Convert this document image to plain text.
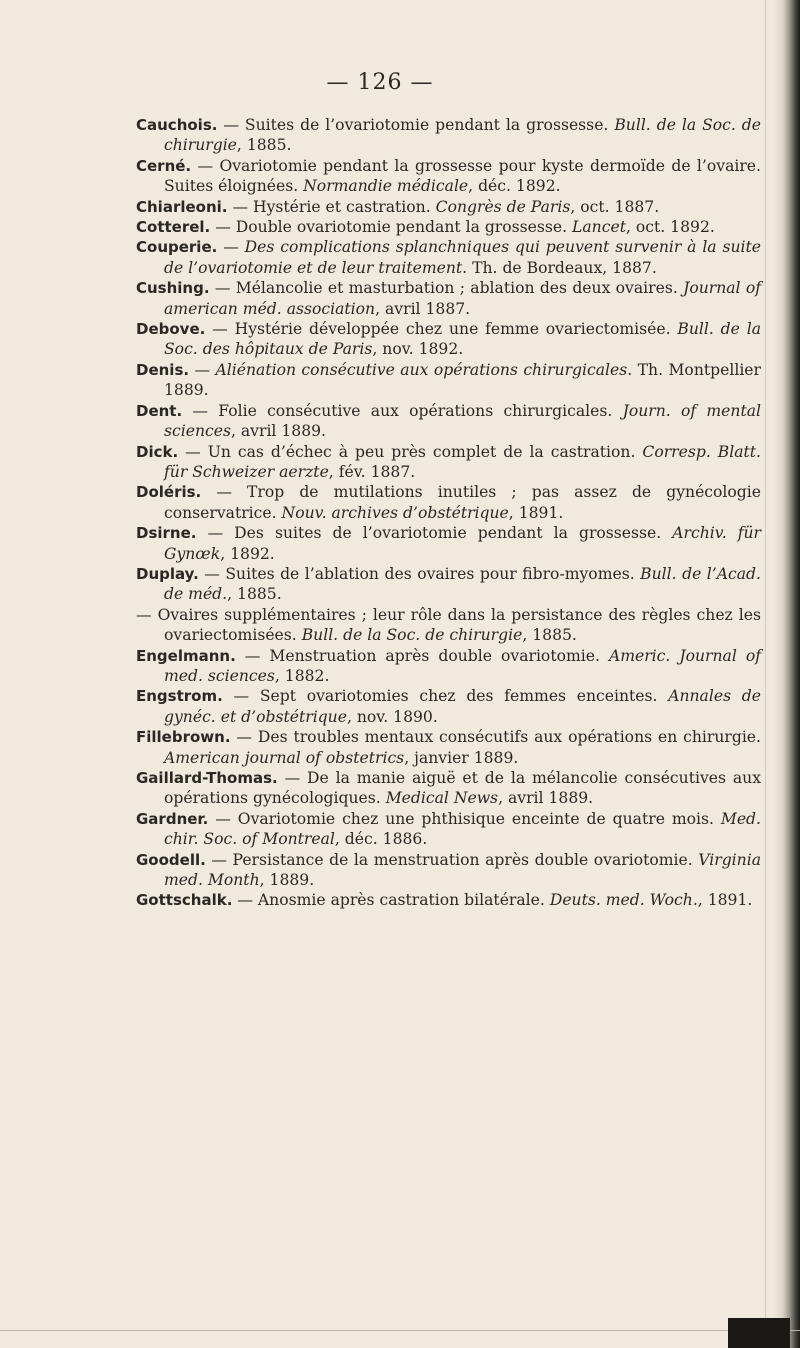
— 126 —

Cauchois. — Suites de l’ovariotomie pendant la grossesse. Bull. de la Soc. de chirurgie, 1885.

Cerné. — Ovariotomie pendant la grossesse pour kyste dermoïde de l’ovaire. Suites éloignées. Normandie médicale, déc. 1892.

Chiarleoni. — Hystérie et castration. Congrès de Paris, oct. 1887.

Cotterel. — Double ovariotomie pendant la grossesse. Lancet, oct. 1892.

Couperie. — Des complications splanchniques qui peuvent survenir à la suite de l’ovariotomie et de leur traitement. Th. de Bordeaux, 1887.

Cushing. — Mélancolie et masturbation ; ablation des deux ovaires. Journal of american méd. association, avril 1887.

Debove. — Hystérie développée chez une femme ovariectomisée. Bull. de la Soc. des hôpitaux de Paris, nov. 1892.

Denis. — Aliénation consécutive aux opérations chirurgicales. Th. Montpellier 1889.

Dent. — Folie consécutive aux opérations chirurgicales. Journ. of mental sciences, avril 1889.

Dick. — Un cas d’échec à peu près complet de la castration. Corresp. Blatt. für Schweizer aerzte, fév. 1887.

Doléris. — Trop de mutilations inutiles ; pas assez de gynécologie conservatrice. Nouv. archives d’obstétrique, 1891.

Dsirne. — Des suites de l’ovariotomie pendant la grossesse. Archiv. für Gynœk, 1892.

Duplay. — Suites de l’ablation des ovaires pour fibro-myomes. Bull. de l’Acad. de méd., 1885.

— Ovaires supplémentaires ; leur rôle dans la persistance des règles chez les ovariectomisées. Bull. de la Soc. de chirurgie, 1885.

Engelmann. — Menstruation après double ovariotomie. Americ. Journal of med. sciences, 1882.

Engstrom. — Sept ovariotomies chez des femmes enceintes. Annales de gynéc. et d’obstétrique, nov. 1890.

Fillebrown. — Des troubles mentaux consécutifs aux opérations en chirurgie. American journal of obstetrics, janvier 1889.

Gaillard-Thomas. — De la manie aiguë et de la mélancolie consécutives aux opérations gynécologiques. Medical News, avril 1889.

Gardner. — Ovariotomie chez une phthisique enceinte de quatre mois. Med. chir. Soc. of Montreal, déc. 1886.

Goodell. — Persistance de la menstruation après double ovariotomie. Virginia med. Month, 1889.

Gottschalk. — Anosmie après castration bilatérale. Deuts. med. Woch., 1891.
